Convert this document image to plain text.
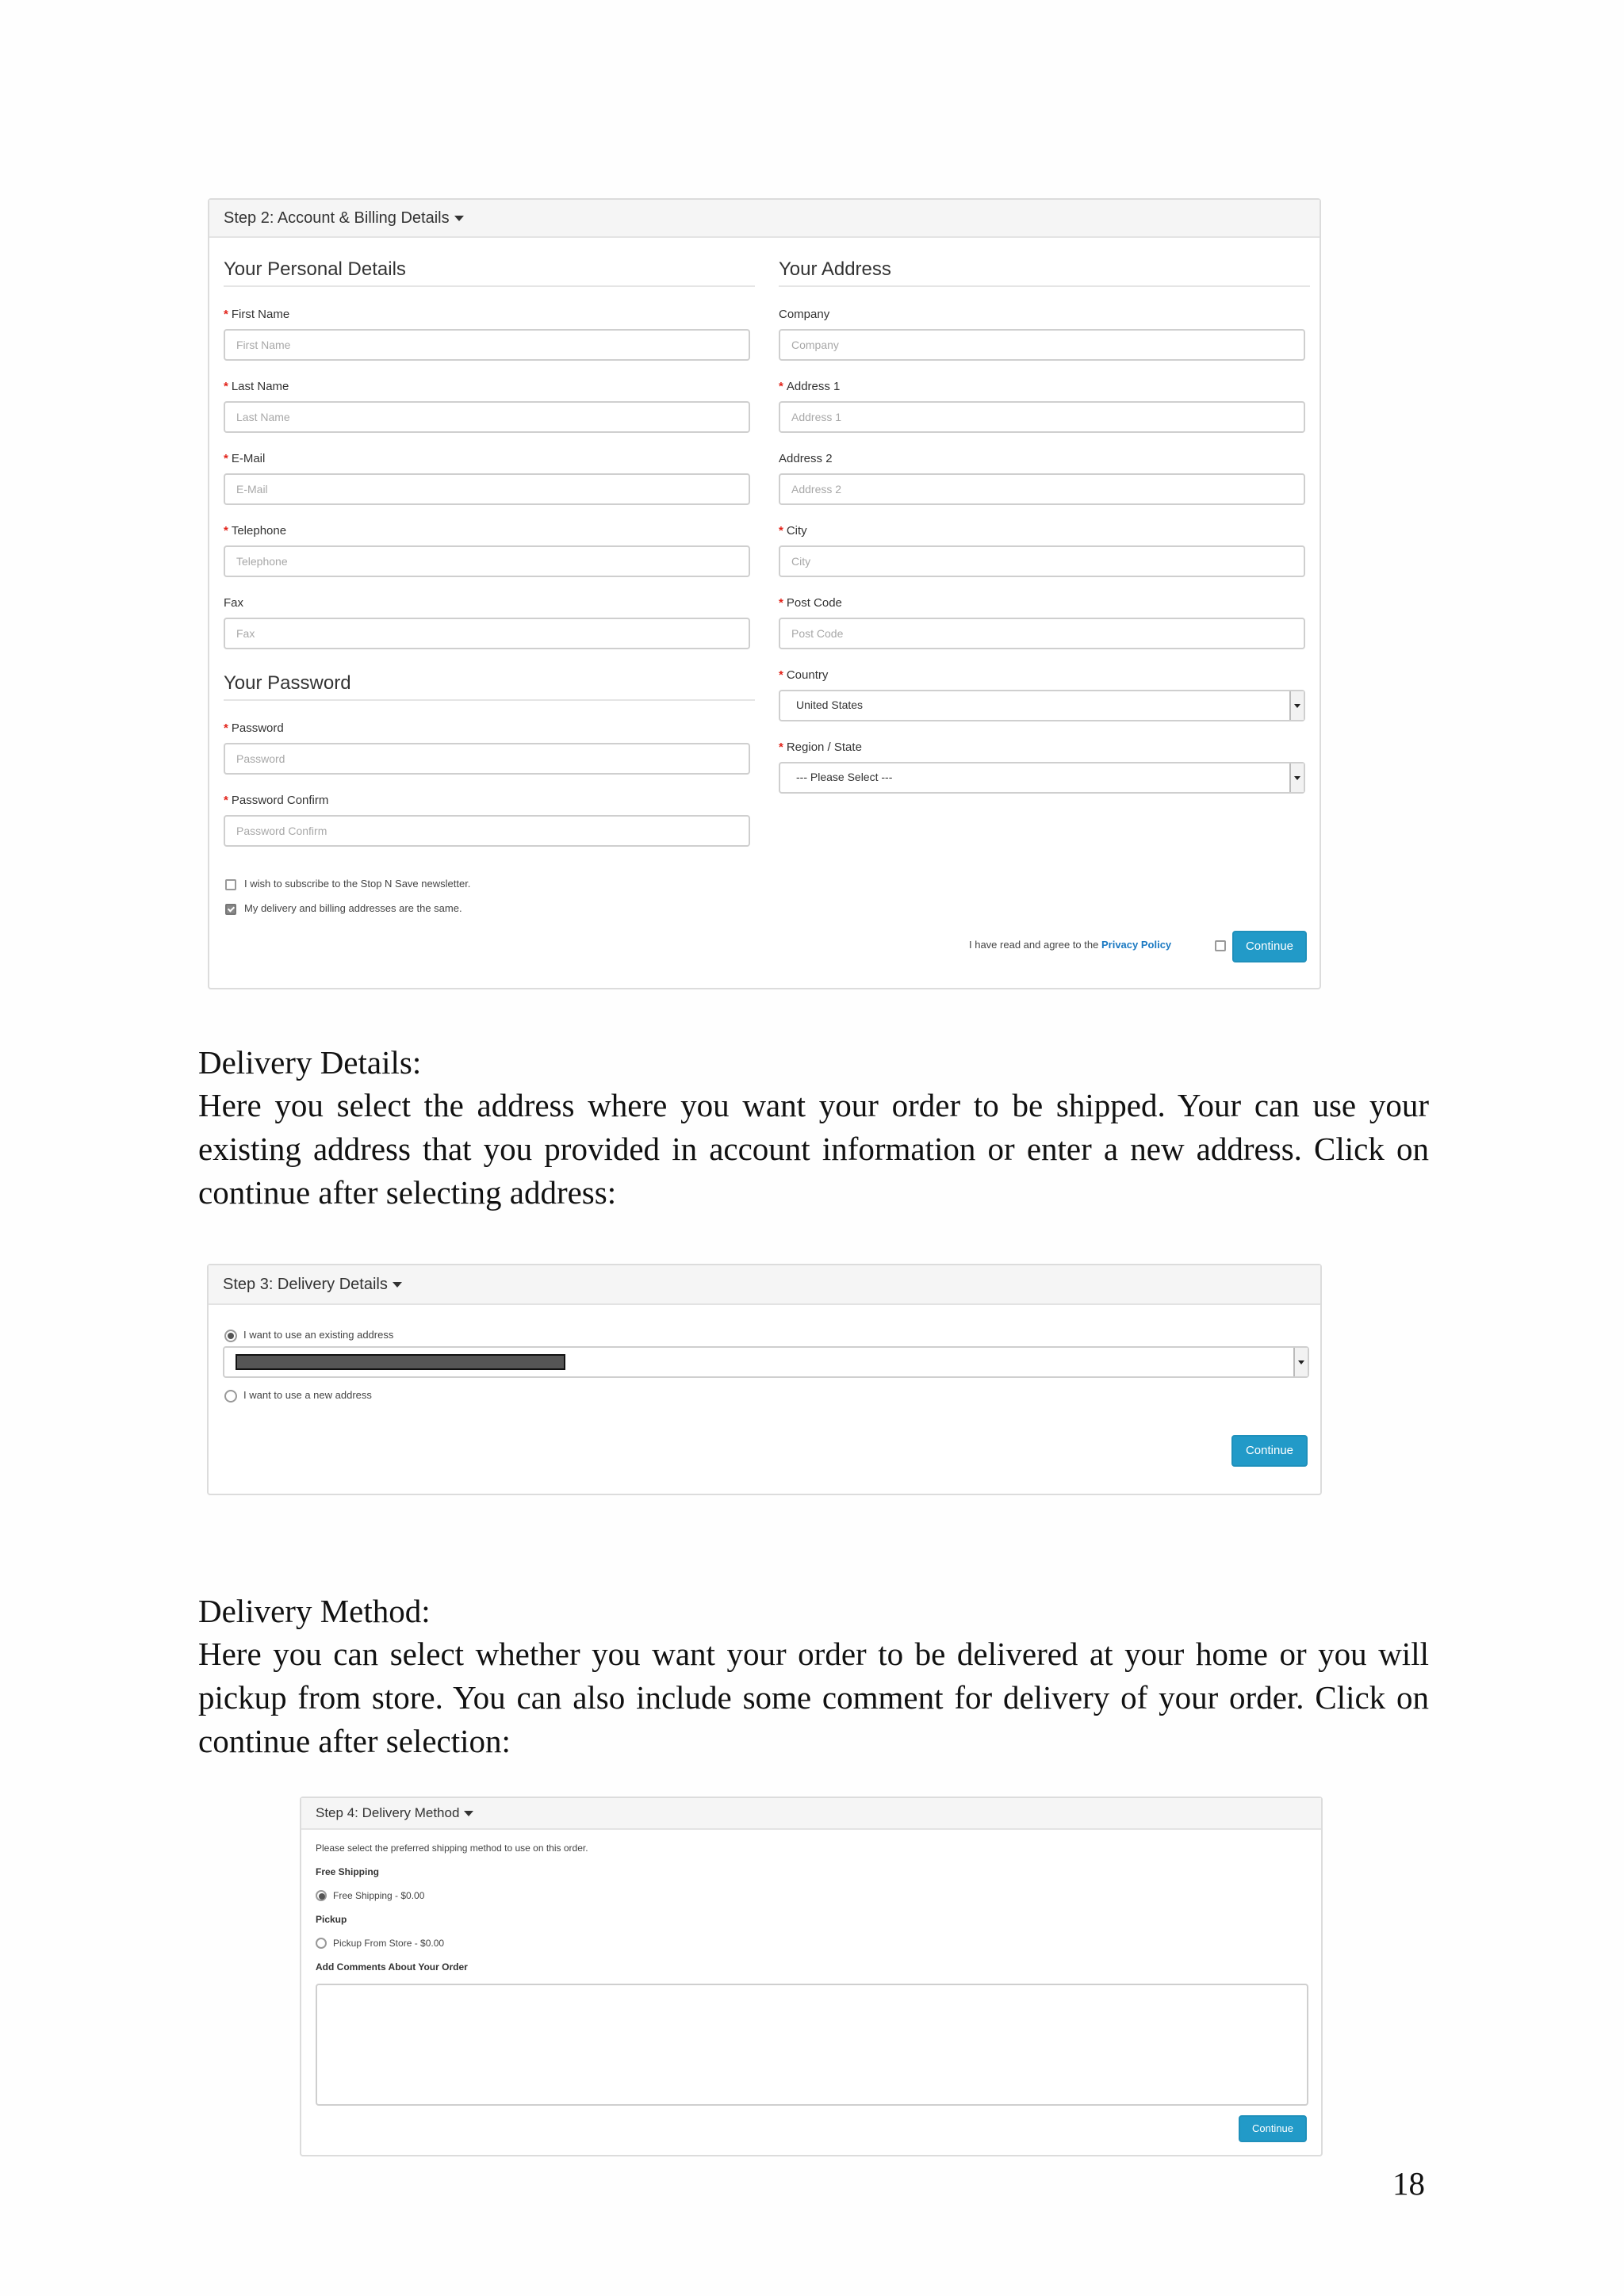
Step 2: Account & Billing Details
Your Personal Details
* First Name
First Name
* Last Name
Last Name
* E-Mail
E-Mail
* Telephone
Telephone
Fax
Fax
Your Password
* Password
Password
* Password Confirm
Password Confirm
Your Address
Company
Company
* Address 1
Address 1
Address 2
Address 2
* City
City
* Post Code
Post Code
* Country
United States
* Region / State
--- Please Select ---
I wish to subscribe to the Stop N Save newsletter.
My delivery and billing addresses are the same.
I have read and agree to the Privacy Policy	Continue
Delivery Details:
Here you select the address where you want your order to be shipped. Your can use your existing address that you provided in account information or enter a new address. Click on continue after selecting address:
Step 3: Delivery Details
I want to use an existing address
I want to use a new address
Continue
Delivery Method:
Here you can select whether you want your order to be delivered at your home or you will pickup from store. You can also include some comment for delivery of your order. Click on continue after selection:
Step 4: Delivery Method
Please select the preferred shipping method to use on this order.
Free Shipping
Free Shipping - $0.00
Pickup
Pickup From Store - $0.00
Add Comments About Your Order
Continue
18
